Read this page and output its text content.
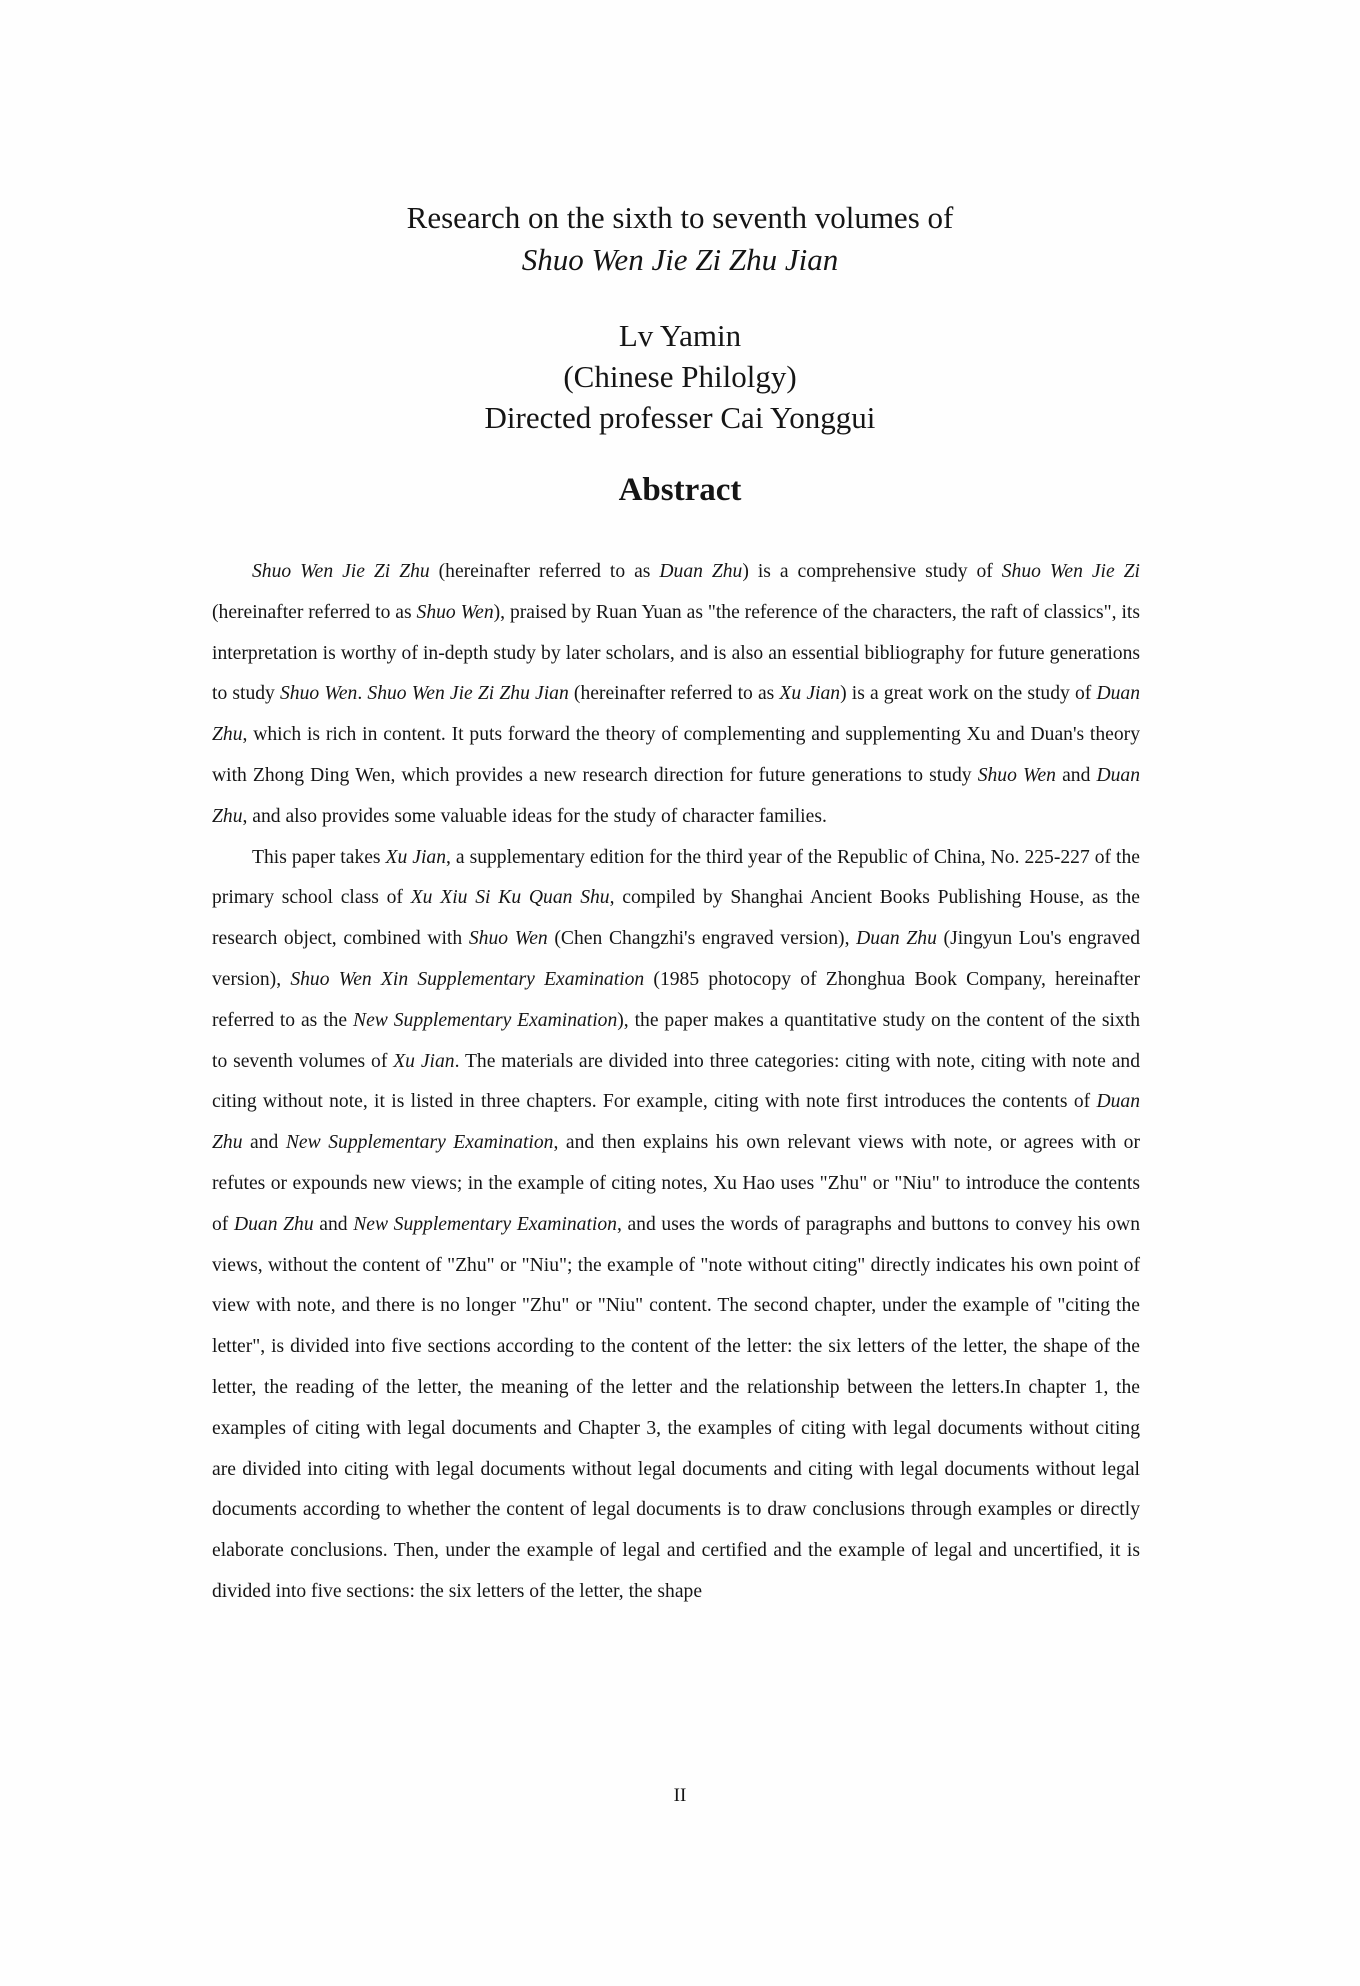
Research on the sixth to seventh volumes of
Shuo Wen Jie Zi Zhu Jian
Lv Yamin
(Chinese Philolgy)
Directed professer Cai Yonggui
Abstract

Shuo Wen Jie Zi Zhu (hereinafter referred to as Duan Zhu) is a comprehensive study of Shuo Wen Jie Zi (hereinafter referred to as Shuo Wen), praised by Ruan Yuan as "the reference of the characters, the raft of classics", its interpretation is worthy of in-depth study by later scholars, and is also an essential bibliography for future generations to study Shuo Wen. Shuo Wen Jie Zi Zhu Jian (hereinafter referred to as Xu Jian) is a great work on the study of Duan Zhu, which is rich in content. It puts forward the theory of complementing and supplementing Xu and Duan's theory with Zhong Ding Wen, which provides a new research direction for future generations to study Shuo Wen and Duan Zhu, and also provides some valuable ideas for the study of character families.

This paper takes Xu Jian, a supplementary edition for the third year of the Republic of China, No. 225-227 of the primary school class of Xu Xiu Si Ku Quan Shu, compiled by Shanghai Ancient Books Publishing House, as the research object, combined with Shuo Wen (Chen Changzhi's engraved version), Duan Zhu (Jingyun Lou's engraved version), Shuo Wen Xin Supplementary Examination (1985 photocopy of Zhonghua Book Company, hereinafter referred to as the New Supplementary Examination), the paper makes a quantitative study on the content of the sixth to seventh volumes of Xu Jian. The materials are divided into three categories: citing with note, citing with note and citing without note, it is listed in three chapters. For example, citing with note first introduces the contents of Duan Zhu and New Supplementary Examination, and then explains his own relevant views with note, or agrees with or refutes or expounds new views; in the example of citing notes, Xu Hao uses "Zhu" or "Niu" to introduce the contents of Duan Zhu and New Supplementary Examination, and uses the words of paragraphs and buttons to convey his own views, without the content of "Zhu" or "Niu"; the example of "note without citing" directly indicates his own point of view with note, and there is no longer "Zhu" or "Niu" content. The second chapter, under the example of "citing the letter", is divided into five sections according to the content of the letter: the six letters of the letter, the shape of the letter, the reading of the letter, the meaning of the letter and the relationship between the letters.In chapter 1, the examples of citing with legal documents and Chapter 3, the examples of citing with legal documents without citing are divided into citing with legal documents without legal documents and citing with legal documents without legal documents according to whether the content of legal documents is to draw conclusions through examples or directly elaborate conclusions. Then, under the example of legal and certified and the example of legal and uncertified, it is divided into five sections: the six letters of the letter, the shape

II
